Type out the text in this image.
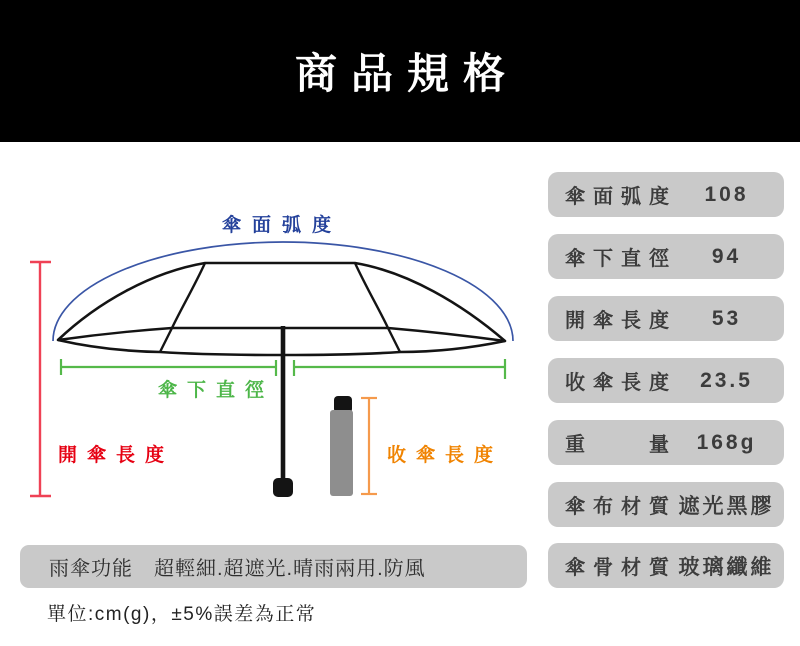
商品規格
傘面弧度
傘下直徑
開傘長度	收傘長度
傘面弧度	108
傘下直徑	94
開傘長度	53
收傘長度	23.5
重　　量 168g
傘布材質 遮光黑膠
傘骨材質 玻璃纖維
雨傘功能　超輕細.超遮光.晴雨兩用.防風
單位:cm(g)，±5%誤差為正常
